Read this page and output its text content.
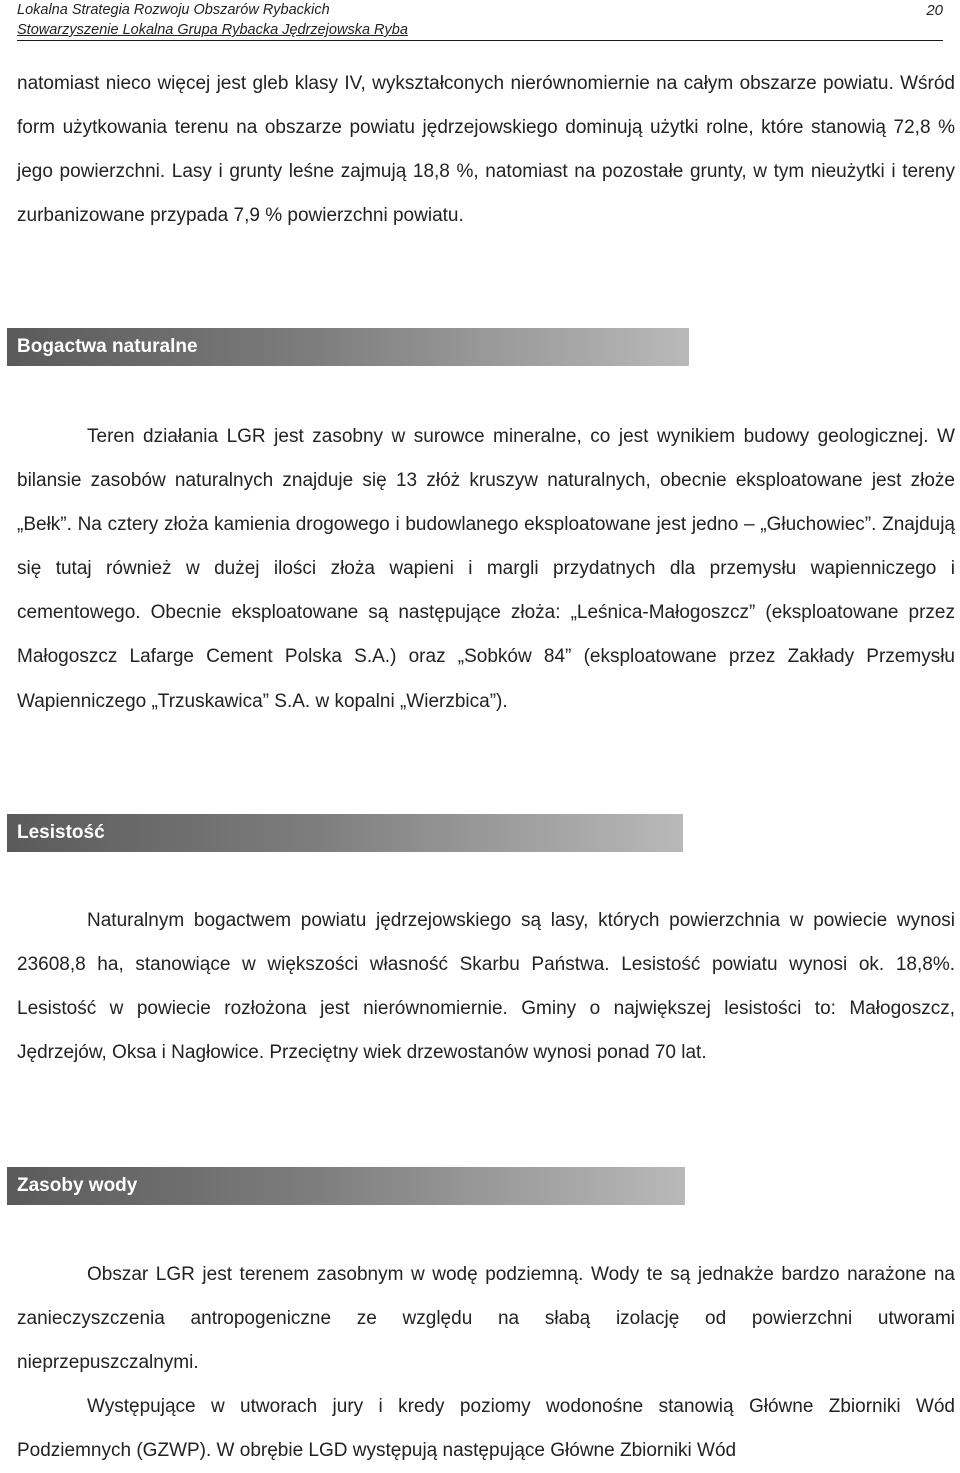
Lokalna Strategia Rozwoju Obszarów Rybackich
Stowarzyszenie Lokalna Grupa Rybacka Jędrzejowska Ryba
20

natomiast nieco więcej jest gleb klasy IV, wykształconych nierównomiernie na całym obszarze powiatu. Wśród form użytkowania terenu na obszarze powiatu jędrzejowskiego dominują użytki rolne, które stanowią 72,8 % jego powierzchni. Lasy i grunty leśne zajmują 18,8 %, natomiast na pozostałe grunty, w tym nieużytki i tereny zurbanizowane przypada 7,9 % powierzchni powiatu.

Bogactwa naturalne

Teren działania LGR jest zasobny w surowce mineralne, co jest wynikiem budowy geologicznej. W bilansie zasobów naturalnych znajduje się 13 złóż kruszyw naturalnych, obecnie eksploatowane jest złoże „Bełk”. Na cztery złoża kamienia drogowego i budowlanego eksploatowane jest jedno – „Głuchowiec”. Znajdują się tutaj również w dużej ilości złoża wapieni i margli przydatnych dla przemysłu wapienniczego i cementowego. Obecnie eksploatowane są następujące złoża: „Leśnica-Małogoszcz” (eksploatowane przez Małogoszcz Lafarge Cement Polska S.A.) oraz „Sobków 84” (eksploatowane przez Zakłady Przemysłu Wapienniczego „Trzuskawica” S.A. w kopalni „Wierzbica”).

Lesistość

Naturalnym bogactwem powiatu jędrzejowskiego są lasy, których powierzchnia w powiecie wynosi 23608,8 ha, stanowiące w większości własność Skarbu Państwa. Lesistość powiatu wynosi ok. 18,8%. Lesistość w powiecie rozłożona jest nierównomiernie. Gminy o największej lesistości to: Małogoszcz, Jędrzejów, Oksa i Nagłowice. Przeciętny wiek drzewostanów wynosi ponad 70 lat.

Zasoby wody

Obszar LGR jest terenem zasobnym w wodę podziemną. Wody te są jednakże bardzo narażone na zanieczyszczenia antropogeniczne ze względu na słabą izolację od powierzchni utworami nieprzepuszczalnymi.

Występujące w utworach jury i kredy poziomy wodonośne stanowią Główne Zbiorniki Wód Podziemnych (GZWP). W obrębie LGD występują następujące Główne Zbiorniki Wód
